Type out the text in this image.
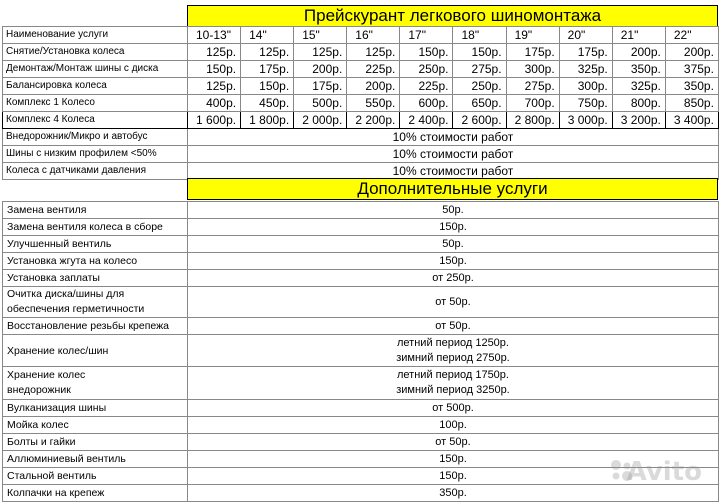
Прейскурант легкового шиномонтажа
Наименование услуги	10-13"	14"	15"	16"	17"	18"	19"	20"	21"	22"
Снятие/Установка колеса	125р.	125р.	125р.	125р.	150р.	150р.	175р.	175р.	200р.	200р.
Демонтаж/Монтаж шины с диска	150р.	175р.	200р.	225р.	250р.	275р.	300р.	325р.	350р.	375р.
Балансировка колеса	125р.	150р.	175р.	200р.	225р.	250р.	275р.	300р.	325р.	350р.
Комплекс 1 Колесо	400р.	450р.	500р.	550р.	600р.	650р.	700р.	750р.	800р.	850р.
Комплекс 4 Колеса	1 600р.	1 800р.	2 000р.	2 200р.	2 400р.	2 600р.	2 800р.	3 000р.	3 200р.	3 400р.
Внедорожник/Микро и автобус	10% стоимости работ									
Шины с низким профилем <50%	10% стоимости работ									
Колеса с датчиками давления	10% стоимости работ									
Дополнительные услуги
Замена вентиля	50р.
Замена вентиля колеса в сборе	150р.
Улучшенный вентиль	50р.
Установка жгута на колесо	150р.
Установка заплаты	от 250р.
Очитка диска/шины для обеспечения герметичности	от 50р.
Восстановление резьбы крепежа	от 50р.
Хранение колес/шин	летний период 1250р.
зимний период 2750р.
Хранение колес
внедорожник	летний период 1750р.
зимний период 3250р.
Вулканизация шины	от 500р.
Мойка колес	100р.
Болты и гайки	от 50р.
Аллюминиевый вентиль	150р.
Стальной вентиль	150р.
Колпачки на крепеж	350р.
Avito
